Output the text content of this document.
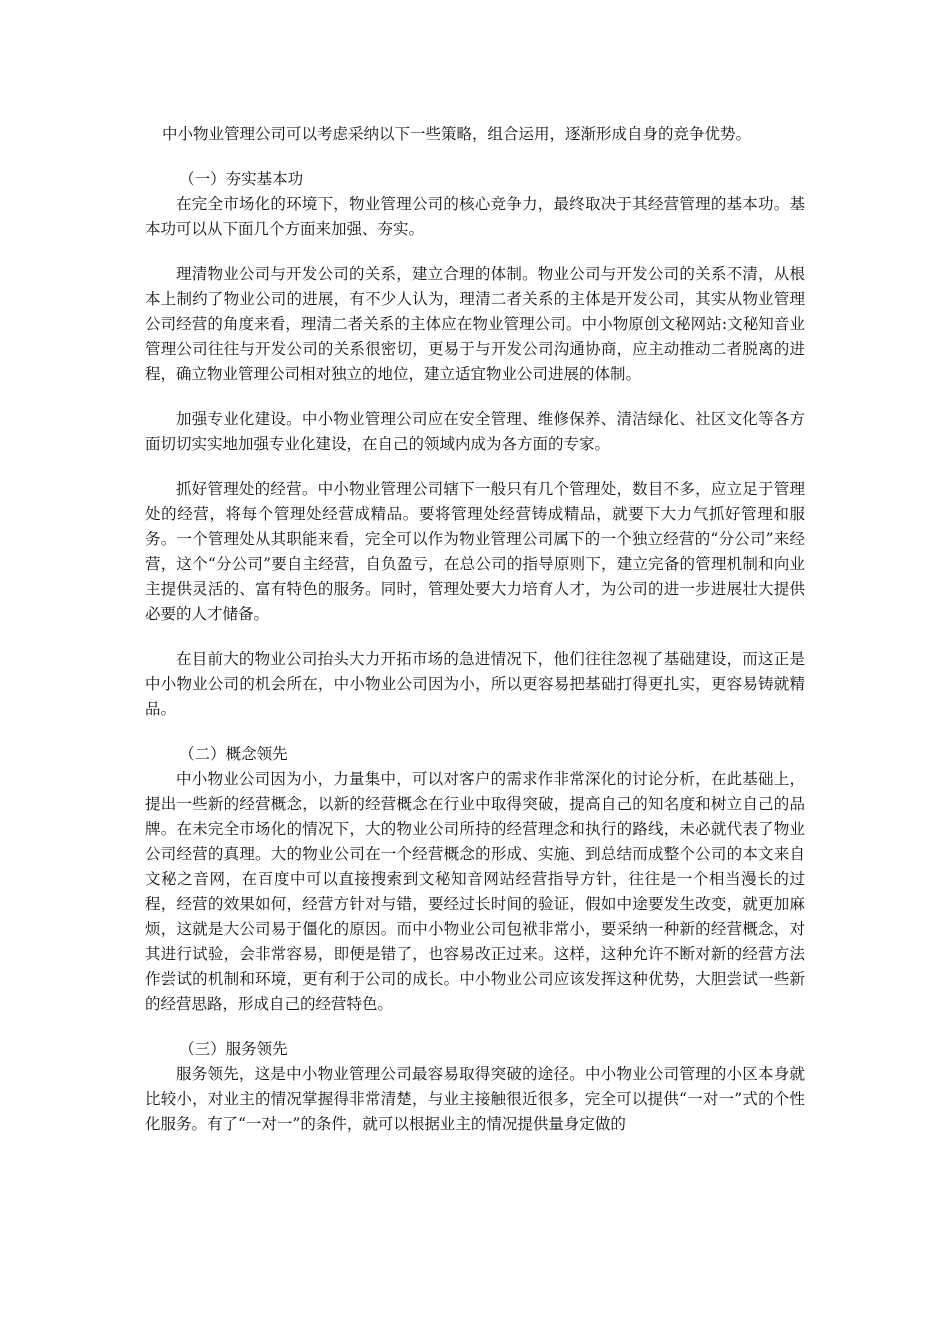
中小物业管理公司可以考虑采纳以下一些策略，组合运用，逐渐形成自身的竞争优势。

（一）夯实基本功

在完全市场化的环境下，物业管理公司的核心竞争力，最终取决于其经营管理的基本功。基本功可以从下面几个方面来加强、夯实。

理清物业公司与开发公司的关系，建立合理的体制。物业公司与开发公司的关系不清，从根本上制约了物业公司的进展，有不少人认为，理清二者关系的主体是开发公司，其实从物业管理公司经营的角度来看，理清二者关系的主体应在物业管理公司。中小物原创文秘网站:文秘知音业管理公司往往与开发公司的关系很密切，更易于与开发公司沟通协商，应主动推动二者脱离的进程，确立物业管理公司相对独立的地位，建立适宜物业公司进展的体制。

加强专业化建设。中小物业管理公司应在安全管理、维修保养、清洁绿化、社区文化等各方面切切实实地加强专业化建设，在自己的领域内成为各方面的专家。

抓好管理处的经营。中小物业管理公司辖下一般只有几个管理处，数目不多，应立足于管理处的经营，将每个管理处经营成精品。要将管理处经营铸成精品，就要下大力气抓好管理和服务。一个管理处从其职能来看，完全可以作为物业管理公司属下的一个独立经营的“分公司”来经营，这个“分公司”要自主经营，自负盈亏，在总公司的指导原则下，建立完备的管理机制和向业主提供灵活的、富有特色的服务。同时，管理处要大力培育人才，为公司的进一步进展壮大提供必要的人才储备。

在目前大的物业公司抬头大力开拓市场的急进情况下，他们往往忽视了基础建设，而这正是中小物业公司的机会所在，中小物业公司因为小，所以更容易把基础打得更扎实，更容易铸就精品。

（二）概念领先

中小物业公司因为小，力量集中，可以对客户的需求作非常深化的讨论分析，在此基础上，提出一些新的经营概念，以新的经营概念在行业中取得突破，提高自己的知名度和树立自己的品牌。在未完全市场化的情况下，大的物业公司所持的经营理念和执行的路线，未必就代表了物业公司经营的真理。大的物业公司在一个经营概念的形成、实施、到总结而成整个公司的本文来自文秘之音网，在百度中可以直接搜索到文秘知音网站经营指导方针，往往是一个相当漫长的过程，经营的效果如何，经营方针对与错，要经过长时间的验证，假如中途要发生改变，就更加麻烦，这就是大公司易于僵化的原因。而中小物业公司包袱非常小，要采纳一种新的经营概念，对其进行试验，会非常容易，即便是错了，也容易改正过来。这样，这种允许不断对新的经营方法作尝试的机制和环境，更有利于公司的成长。中小物业公司应该发挥这种优势，大胆尝试一些新的经营思路，形成自己的经营特色。

（三）服务领先

服务领先，这是中小物业管理公司最容易取得突破的途径。中小物业公司管理的小区本身就比较小，对业主的情况掌握得非常清楚，与业主接触很近很多，完全可以提供“一对一”式的个性化服务。有了“一对一”的条件，就可以根据业主的情况提供量身定做的
